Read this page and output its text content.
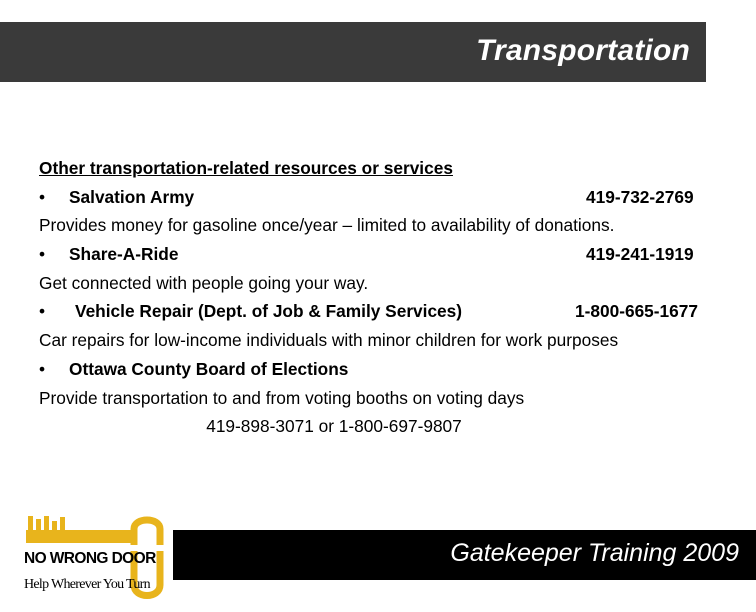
Transportation
Other transportation-related resources or services
• Salvation Army	419-732-2769
Provides money for gasoline once/year – limited to availability of donations.
• Share-A-Ride	419-241-1919
Get connected with people going your way.
• Vehicle Repair (Dept. of Job & Family Services)	1-800-665-1677
Car repairs for low-income individuals with minor children for work purposes
• Ottawa County Board of Elections
Provide transportation to and from voting booths on voting days
419-898-3071 or 1-800-697-9807
NO WRONG DOOR
Help Wherever You Turn
Gatekeeper Training 2009
